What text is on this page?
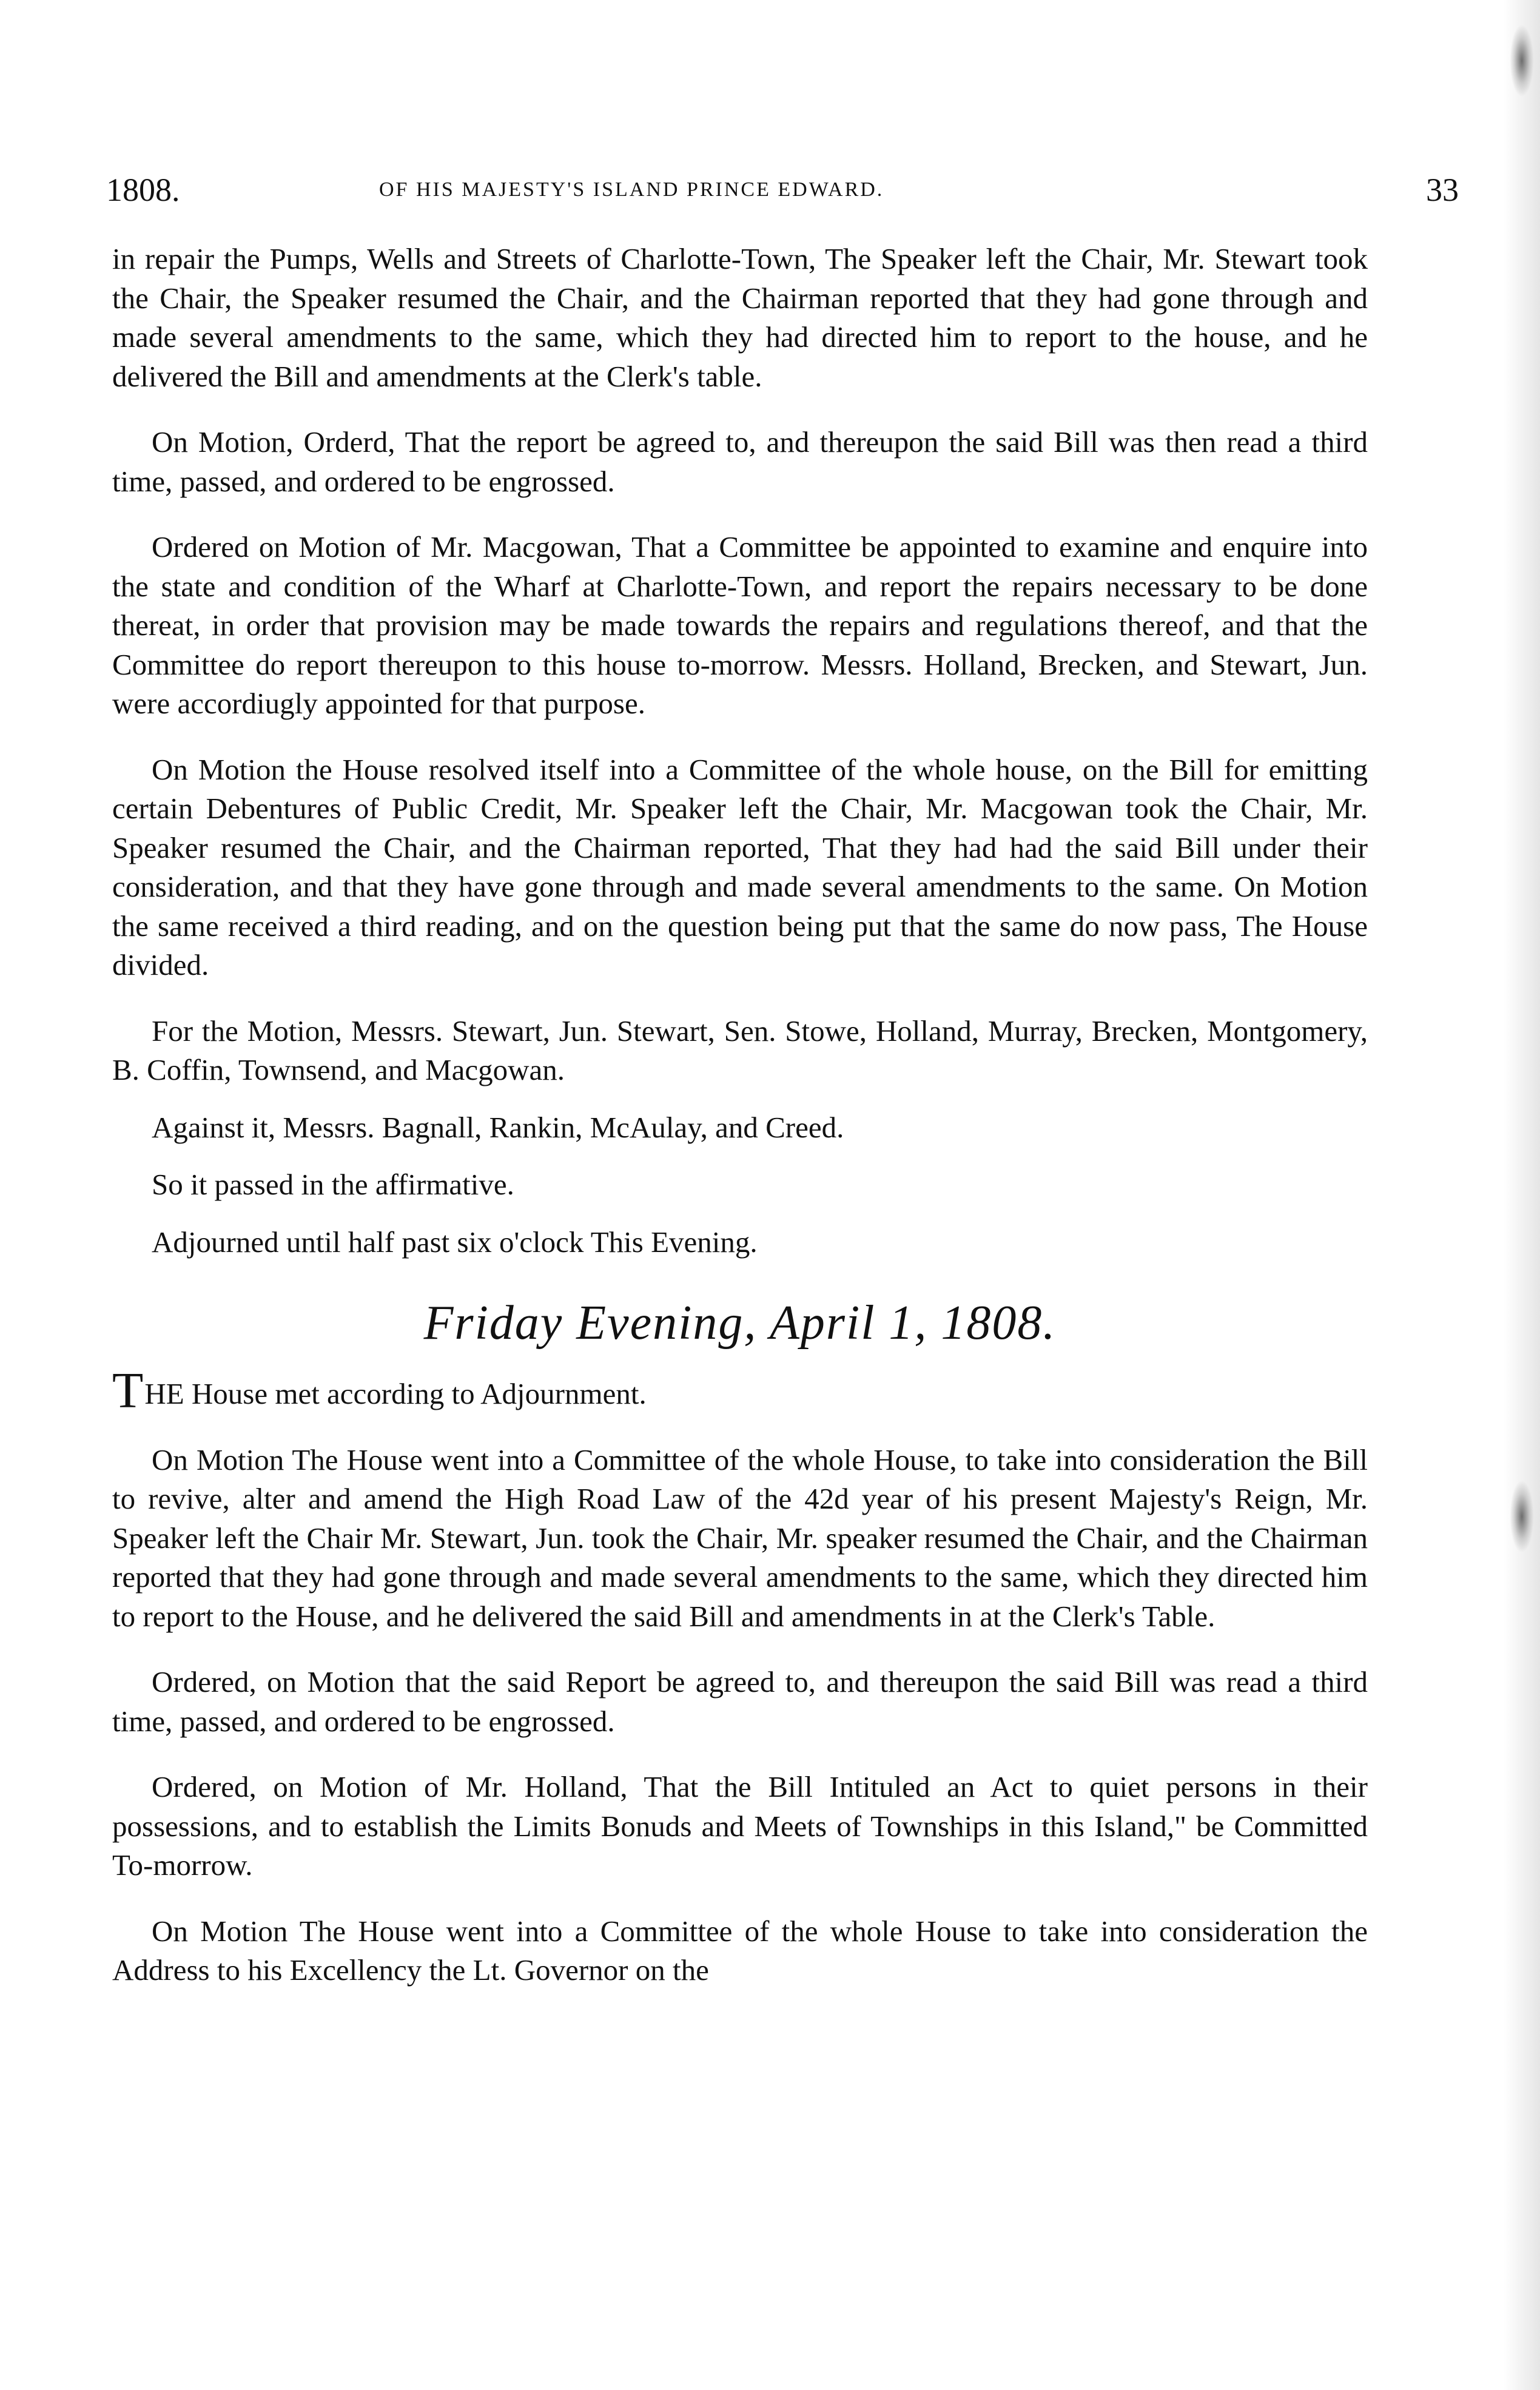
1808.	OF HIS MAJESTY'S ISLAND PRINCE EDWARD.	33

in repair the Pumps, Wells and Streets of Charlotte-Town, The Speaker left the Chair, Mr. Stewart took the Chair, the Speaker resumed the Chair, and the Chairman reported that they had gone through and made several amendments to the same, which they had directed him to report to the house, and he delivered the Bill and amendments at the Clerk's table.

On Motion, Orderd, That the report be agreed to, and thereupon the said Bill was then read a third time, passed, and ordered to be engrossed.

Ordered on Motion of Mr. Macgowan, That a Committee be appointed to examine and enquire into the state and condition of the Wharf at Charlotte-Town, and report the repairs necessary to be done thereat, in order that provision may be made towards the repairs and regulations thereof, and that the Committee do report thereupon to this house to-morrow. Messrs. Holland, Brecken, and Stewart, Jun. were accordiugly appointed for that purpose.

On Motion the House resolved itself into a Committee of the whole house, on the Bill for emitting certain Debentures of Public Credit, Mr. Speaker left the Chair, Mr. Macgowan took the Chair, Mr. Speaker resumed the Chair, and the Chairman reported, That they had had the said Bill under their consideration, and that they have gone through and made several amendments to the same. On Motion the same received a third reading, and on the question being put that the same do now pass, The House divided.

For the Motion, Messrs. Stewart, Jun. Stewart, Sen. Stowe, Holland, Murray, Brecken, Montgomery, B. Coffin, Townsend, and Macgowan.

Against it, Messrs. Bagnall, Rankin, McAulay, and Creed.

So it passed in the affirmative.

Adjourned until half past six o'clock This Evening.

Friday Evening, April 1, 1808.

THE House met according to Adjournment.

On Motion The House went into a Committee of the whole House, to take into consideration the Bill to revive, alter and amend the High Road Law of the 42d year of his present Majesty's Reign, Mr. Speaker left the Chair Mr. Stewart, Jun. took the Chair, Mr. speaker resumed the Chair, and the Chairman reported that they had gone through and made several amendments to the same, which they directed him to report to the House, and he delivered the said Bill and amendments in at the Clerk's Table.

Ordered, on Motion that the said Report be agreed to, and thereupon the said Bill was read a third time, passed, and ordered to be engrossed.

Ordered, on Motion of Mr. Holland, That the Bill Intituled an Act to quiet persons in their possessions, and to establish the Limits Bonuds and Meets of Townships in this Island," be Committed To-morrow.

On Motion The House went into a Committee of the whole House to take into consideration the Address to his Excellency the Lt. Governor on the
